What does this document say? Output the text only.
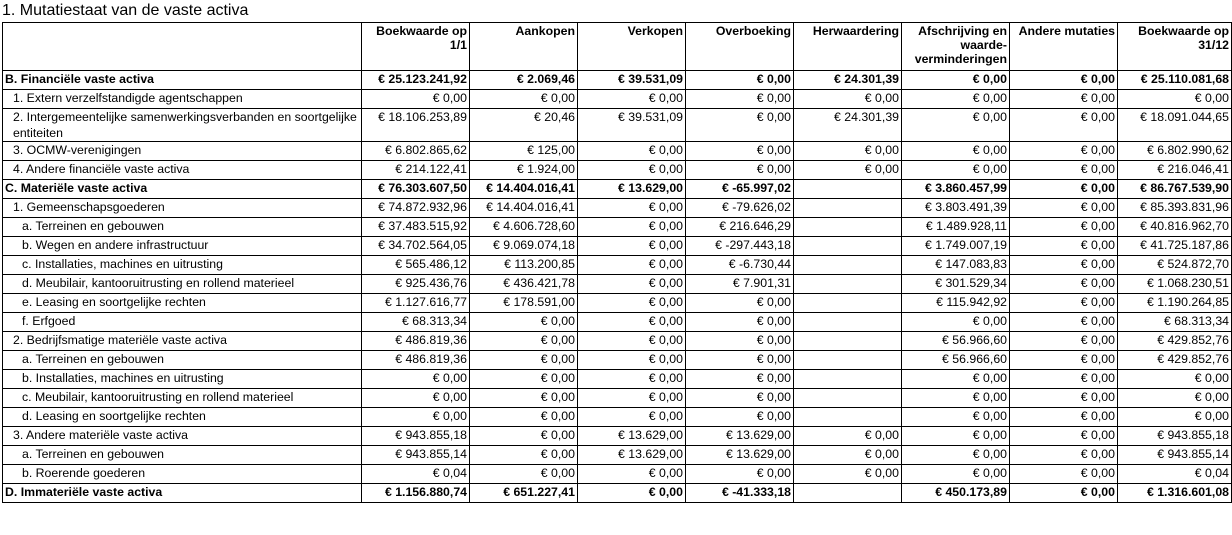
1. Mutatiestaat van de vaste activa
	Boekwaarde op 1/1	Aankopen	Verkopen	Overboeking	Herwaardering	Afschrijving en waarde-verminderingen	Andere mutaties	Boekwaarde op 31/12
B. Financiële vaste activa	€ 25.123.241,92	€ 2.069,46	€ 39.531,09	€ 0,00	€ 24.301,39	€ 0,00	€ 0,00	€ 25.110.081,68
1. Extern verzelfstandigde agentschappen	€ 0,00	€ 0,00	€ 0,00	€ 0,00	€ 0,00	€ 0,00	€ 0,00	€ 0,00
2. Intergemeentelijke samenwerkingsverbanden en soortgelijke entiteiten	€ 18.106.253,89	€ 20,46	€ 39.531,09	€ 0,00	€ 24.301,39	€ 0,00	€ 0,00	€ 18.091.044,65
3. OCMW-verenigingen	€ 6.802.865,62	€ 125,00	€ 0,00	€ 0,00	€ 0,00	€ 0,00	€ 0,00	€ 6.802.990,62
4. Andere financiële vaste activa	€ 214.122,41	€ 1.924,00	€ 0,00	€ 0,00	€ 0,00	€ 0,00	€ 0,00	€ 216.046,41
C. Materiële vaste activa	€ 76.303.607,50	€ 14.404.016,41	€ 13.629,00	€ -65.997,02		€ 3.860.457,99	€ 0,00	€ 86.767.539,90
1. Gemeenschapsgoederen	€ 74.872.932,96	€ 14.404.016,41	€ 0,00	€ -79.626,02		€ 3.803.491,39	€ 0,00	€ 85.393.831,96
a. Terreinen en gebouwen	€ 37.483.515,92	€ 4.606.728,60	€ 0,00	€ 216.646,29		€ 1.489.928,11	€ 0,00	€ 40.816.962,70
b. Wegen en andere infrastructuur	€ 34.702.564,05	€ 9.069.074,18	€ 0,00	€ -297.443,18		€ 1.749.007,19	€ 0,00	€ 41.725.187,86
c. Installaties, machines en uitrusting	€ 565.486,12	€ 113.200,85	€ 0,00	€ -6.730,44		€ 147.083,83	€ 0,00	€ 524.872,70
d. Meubilair, kantooruitrusting en rollend materieel	€ 925.436,76	€ 436.421,78	€ 0,00	€ 7.901,31		€ 301.529,34	€ 0,00	€ 1.068.230,51
e. Leasing en soortgelijke rechten	€ 1.127.616,77	€ 178.591,00	€ 0,00	€ 0,00		€ 115.942,92	€ 0,00	€ 1.190.264,85
f. Erfgoed	€ 68.313,34	€ 0,00	€ 0,00	€ 0,00		€ 0,00	€ 0,00	€ 68.313,34
2. Bedrijfsmatige materiële vaste activa	€ 486.819,36	€ 0,00	€ 0,00	€ 0,00		€ 56.966,60	€ 0,00	€ 429.852,76
a. Terreinen en gebouwen	€ 486.819,36	€ 0,00	€ 0,00	€ 0,00		€ 56.966,60	€ 0,00	€ 429.852,76
b. Installaties, machines en uitrusting	€ 0,00	€ 0,00	€ 0,00	€ 0,00		€ 0,00	€ 0,00	€ 0,00
c. Meubilair, kantooruitrusting en rollend materieel	€ 0,00	€ 0,00	€ 0,00	€ 0,00		€ 0,00	€ 0,00	€ 0,00
d. Leasing en soortgelijke rechten	€ 0,00	€ 0,00	€ 0,00	€ 0,00		€ 0,00	€ 0,00	€ 0,00
3. Andere materiële vaste activa	€ 943.855,18	€ 0,00	€ 13.629,00	€ 13.629,00	€ 0,00	€ 0,00	€ 0,00	€ 943.855,18
a. Terreinen en gebouwen	€ 943.855,14	€ 0,00	€ 13.629,00	€ 13.629,00	€ 0,00	€ 0,00	€ 0,00	€ 943.855,14
b. Roerende goederen	€ 0,04	€ 0,00	€ 0,00	€ 0,00	€ 0,00	€ 0,00	€ 0,00	€ 0,04
D. Immateriële vaste activa	€ 1.156.880,74	€ 651.227,41	€ 0,00	€ -41.333,18		€ 450.173,89	€ 0,00	€ 1.316.601,08
